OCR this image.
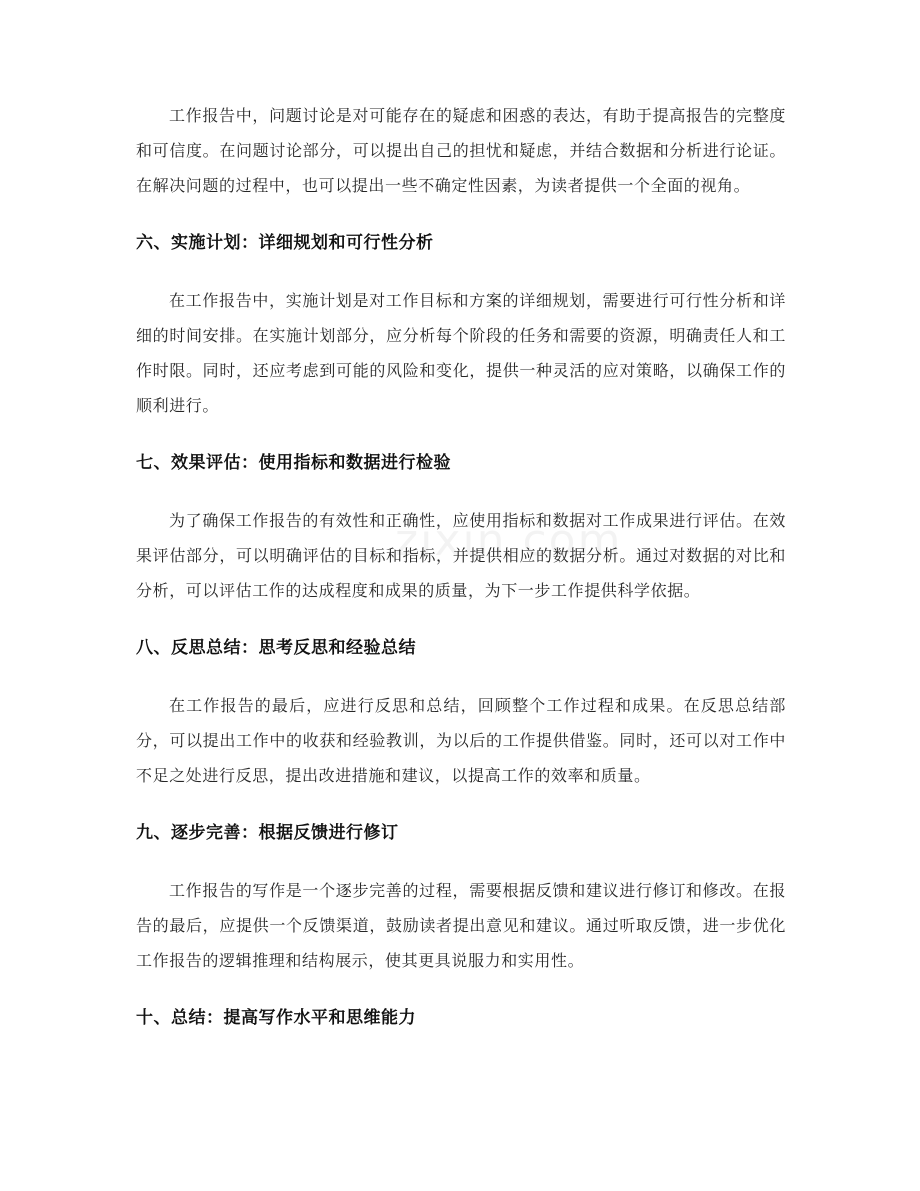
工作报告中，问题讨论是对可能存在的疑虑和困惑的表达，有助于提高报告的完整度和可信度。在问题讨论部分，可以提出自己的担忧和疑虑，并结合数据和分析进行论证。在解决问题的过程中，也可以提出一些不确定性因素，为读者提供一个全面的视角。

六、实施计划：详细规划和可行性分析

在工作报告中，实施计划是对工作目标和方案的详细规划，需要进行可行性分析和详细的时间安排。在实施计划部分，应分析每个阶段的任务和需要的资源，明确责任人和工作时限。同时，还应考虑到可能的风险和变化，提供一种灵活的应对策略，以确保工作的顺利进行。

七、效果评估：使用指标和数据进行检验

为了确保工作报告的有效性和正确性，应使用指标和数据对工作成果进行评估。在效果评估部分，可以明确评估的目标和指标，并提供相应的数据分析。通过对数据的对比和分析，可以评估工作的达成程度和成果的质量，为下一步工作提供科学依据。

八、反思总结：思考反思和经验总结

在工作报告的最后，应进行反思和总结，回顾整个工作过程和成果。在反思总结部分，可以提出工作中的收获和经验教训，为以后的工作提供借鉴。同时，还可以对工作中不足之处进行反思，提出改进措施和建议，以提高工作的效率和质量。

九、逐步完善：根据反馈进行修订

工作报告的写作是一个逐步完善的过程，需要根据反馈和建议进行修订和修改。在报告的最后，应提供一个反馈渠道，鼓励读者提出意见和建议。通过听取反馈，进一步优化工作报告的逻辑推理和结构展示，使其更具说服力和实用性。

十、总结：提高写作水平和思维能力
